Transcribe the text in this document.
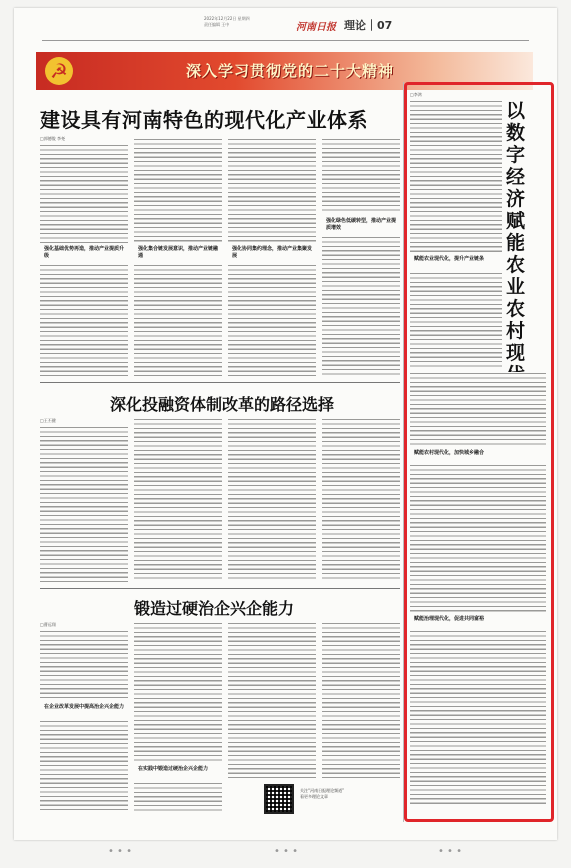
2022年12月22日 星期四
责任编辑 王中	河南日报 理论｜07
☭	深入学习贯彻党的二十大精神
建设具有河南特色的现代化产业体系
□郭德俊 李尧
强化基础优势再造，推动产业提质升级
强化集合链发展意识，推动产业链融通
强化协同集约理念，推动产业集聚发展
强化绿色低碳转型，推动产业提质增效
深化投融资体制改革的路径选择
□王丕健
锻造过硬治企兴企能力
□曹远翔
在企业改革发展中提高治企兴企能力
在实践中锻造过硬治企兴企能力
关注“河南日报理论频道”
看更多理论文章
□李鸿
以数字经济赋能农业农村现
赋能农业现代化，提升产业链条
赋能农村现代化，加快城乡融合
赋能治理现代化，促进共同富裕
• • •	• • •	• • •
